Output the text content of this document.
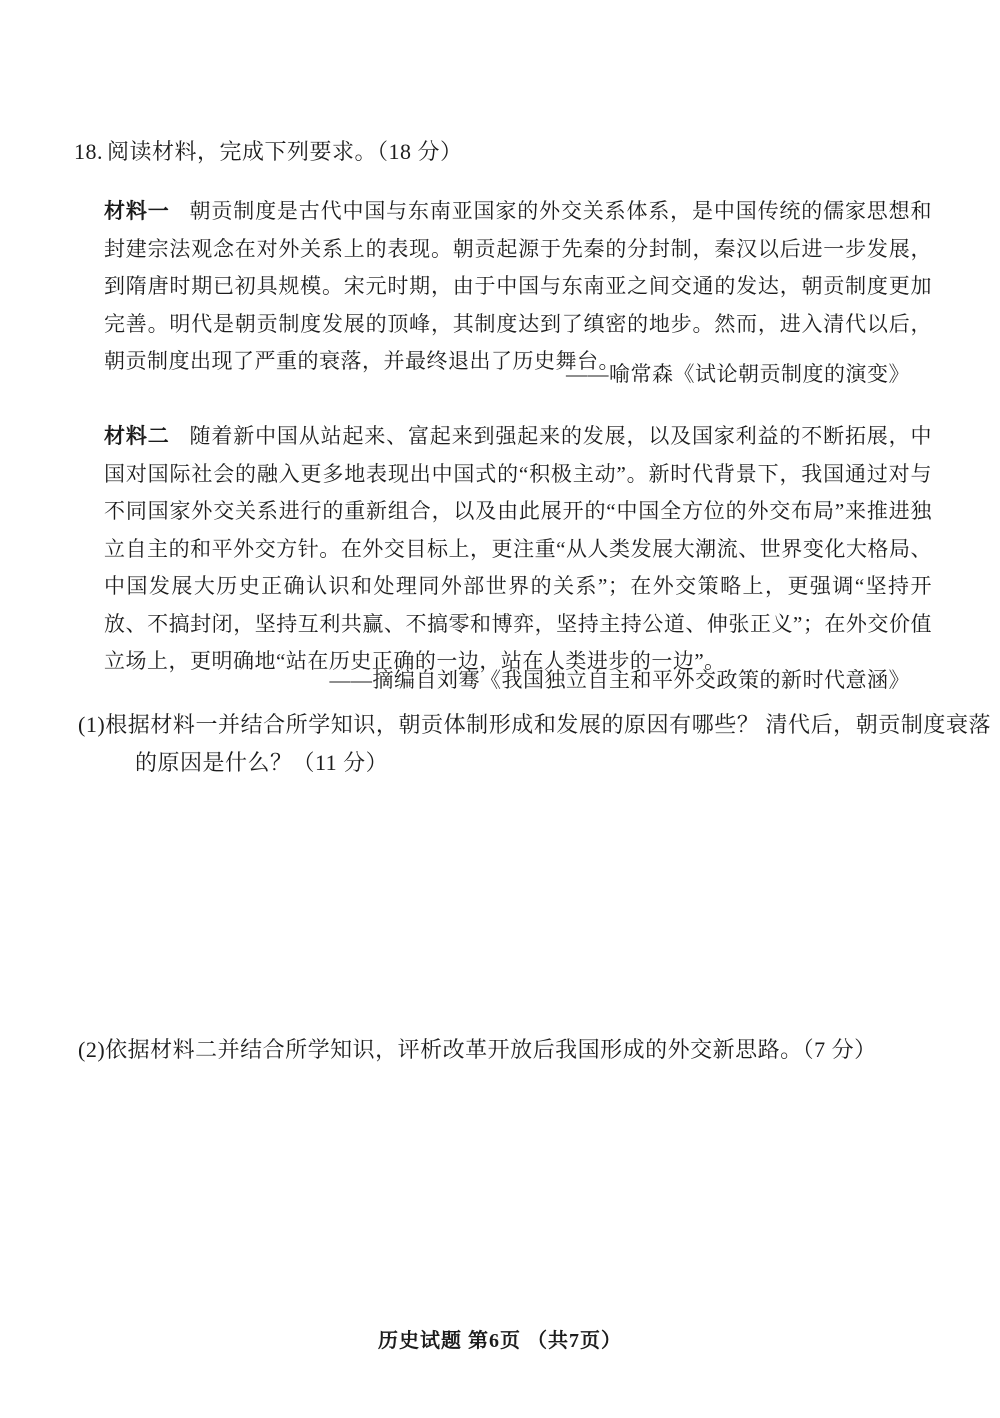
18. 阅读材料，完成下列要求。（18 分）

材料一 朝贡制度是古代中国与东南亚国家的外交关系体系，是中国传统的儒家思想和封建宗法观念在对外关系上的表现。朝贡起源于先秦的分封制，秦汉以后进一步发展，到隋唐时期已初具规模。宋元时期，由于中国与东南亚之间交通的发达，朝贡制度更加完善。明代是朝贡制度发展的顶峰，其制度达到了缜密的地步。然而，进入清代以后，朝贡制度出现了严重的衰落，并最终退出了历史舞台。

——喻常森《试论朝贡制度的演变》

材料二 随着新中国从站起来、富起来到强起来的发展，以及国家利益的不断拓展，中国对国际社会的融入更多地表现出中国式的“积极主动”。新时代背景下，我国通过对与不同国家外交关系进行的重新组合，以及由此展开的“中国全方位的外交布局”来推进独立自主的和平外交方针。在外交目标上，更注重“从人类发展大潮流、世界变化大格局、中国发展大历史正确认识和处理同外部世界的关系”；在外交策略上，更强调“坚持开放、不搞封闭，坚持互利共赢、不搞零和博弈，坚持主持公道、伸张正义”；在外交价值立场上，更明确地“站在历史正确的一边，站在人类进步的一边”。

——摘编自刘骞《我国独立自主和平外交政策的新时代意涵》
(1)根据材料一并结合所学知识，朝贡体制形成和发展的原因有哪些？ 清代后，朝贡制度衰落的原因是什么？（11 分）
(2)依据材料二并结合所学知识，评析改革开放后我国形成的外交新思路。（7 分）
历史试题 第6页 （共7页）
